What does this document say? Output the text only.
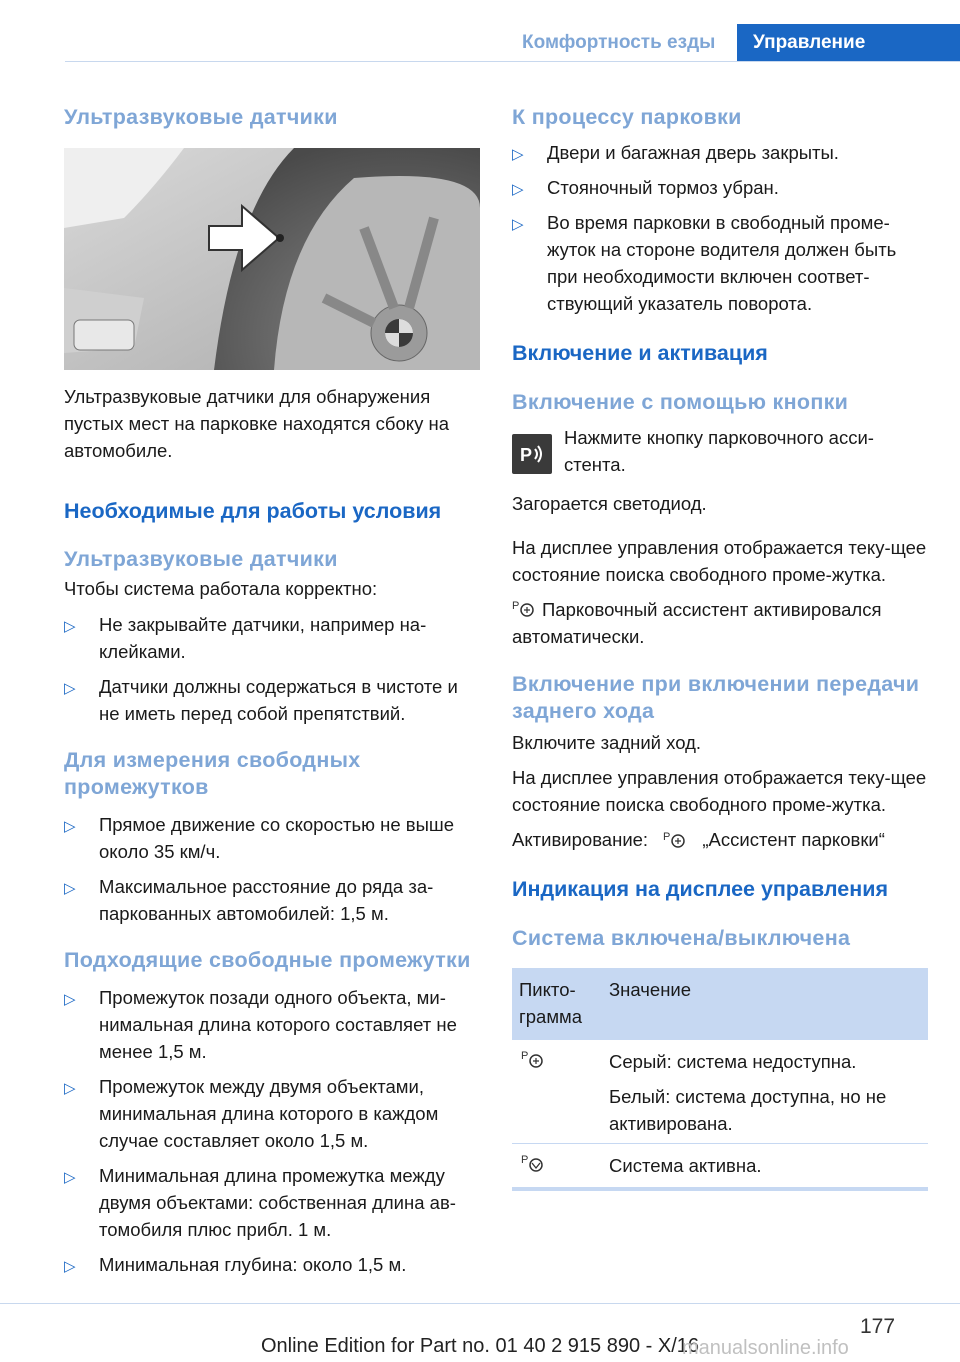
Комфортность езды	Управление

Ультразвуковые датчики

Ультразвуковые датчики для обнаружения пустых мест на парковке находятся сбоку на автомобиле.

Необходимые для работы условия

Ультразвуковые датчики

Чтобы система работала корректно:

▷ Не закрывайте датчики, например на-клейками.
▷ Датчики должны содержаться в чистоте и не иметь перед собой препятствий.

Для измерения свободных промежутков

▷ Прямое движение со скоростью не выше около 35 км/ч.
▷ Максимальное расстояние до ряда за-паркованных автомобилей: 1,5 м.

Подходящие свободные промежутки

▷ Промежуток позади одного объекта, ми-нимальная длина которого составляет не менее 1,5 м.
▷ Промежуток между двумя объектами, минимальная длина которого в каждом случае составляет около 1,5 м.
▷ Минимальная длина промежутка между двумя объектами: собственная длина ав-томобиля плюс прибл. 1 м.
▷ Минимальная глубина: около 1,5 м.

К процессу парковки

▷ Двери и багажная дверь закрыты.
▷ Стояночный тормоз убран.
▷ Во время парковки в свободный проме-жуток на стороне водителя должен быть при необходимости включен соответ-ствующий указатель поворота.

Включение и активация

Включение с помощью кнопки

P

Нажмите кнопку парковочного асси-стента.

Загорается светодиод.

На дисплее управления отображается теку-щее состояние поиска свободного проме-жутка.

P Парковочный ассистент активировался автоматически.

Включение при включении передачи заднего хода

Включите задний ход.

На дисплее управления отображается теку-щее состояние поиска свободного проме-жутка.

Активирование: P „Ассистент парковки“

Индикация на дисплее управления

Система включена/выключена

Пикто-грамма	Значение

P	Серый: система недоступна.
Белый: система доступна, но не активирована.

P	Система активна.
177
Online Edition for Part no. 01 40 2 915 890 - X/16
manualsonline.info
